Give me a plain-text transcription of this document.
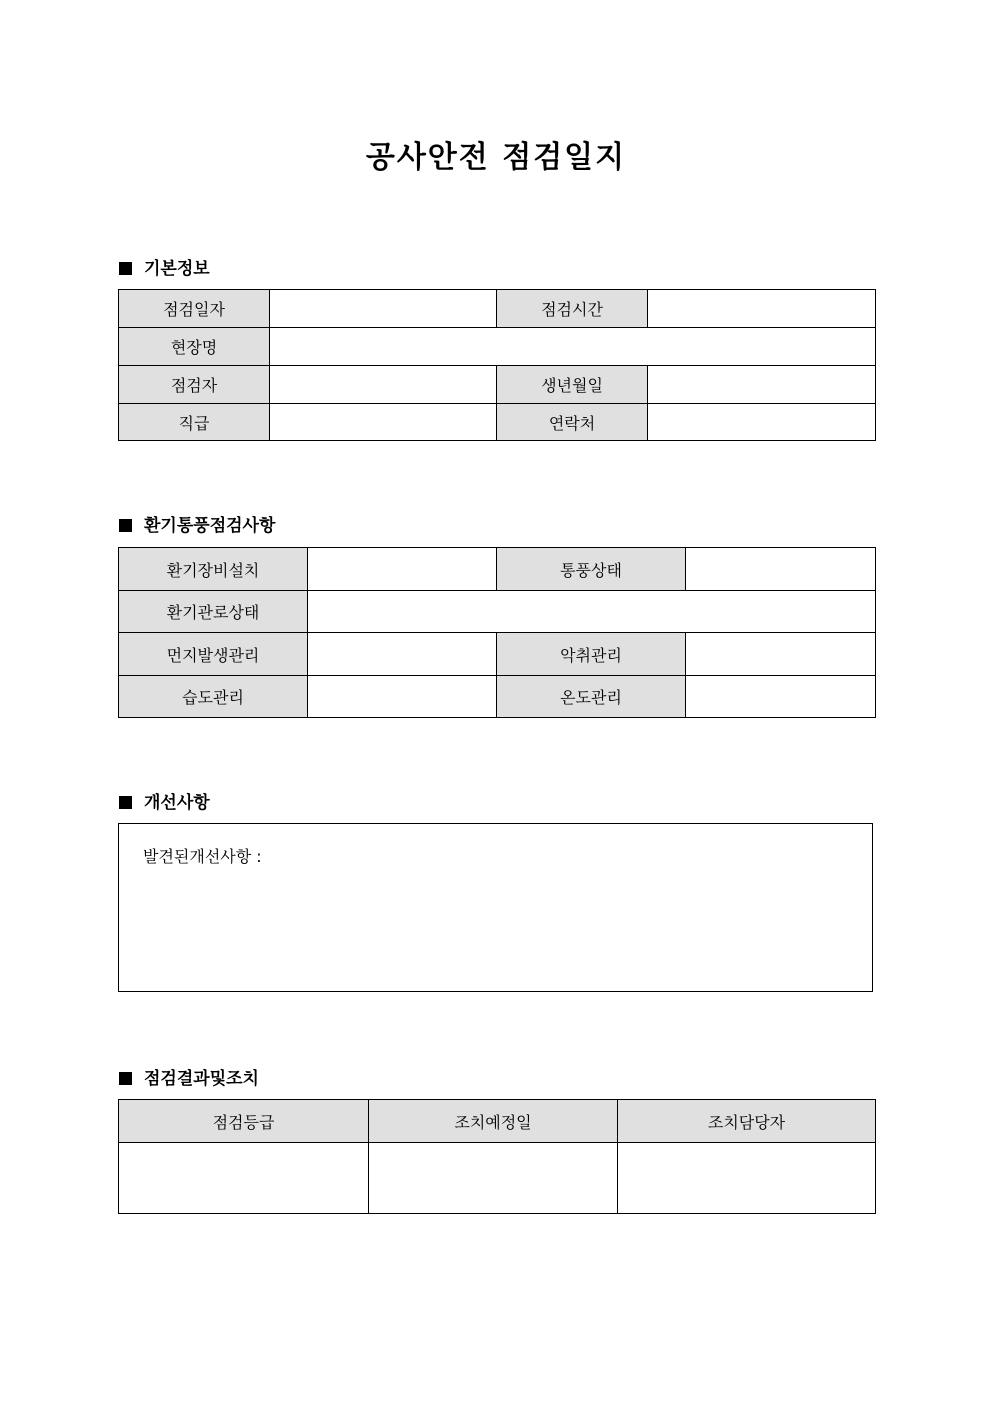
공사안전 점검일지
기본정보
점검일자		점검시간	
현장명			
점검자		생년월일	
직급		연락처	
환기통풍점검사항
환기장비설치		통풍상태	
환기관로상태			
먼지발생관리		악취관리	
습도관리		온도관리	
개선사항
발견된개선사항 :
점검결과및조치
점검등급	조치예정일	조치담당자
